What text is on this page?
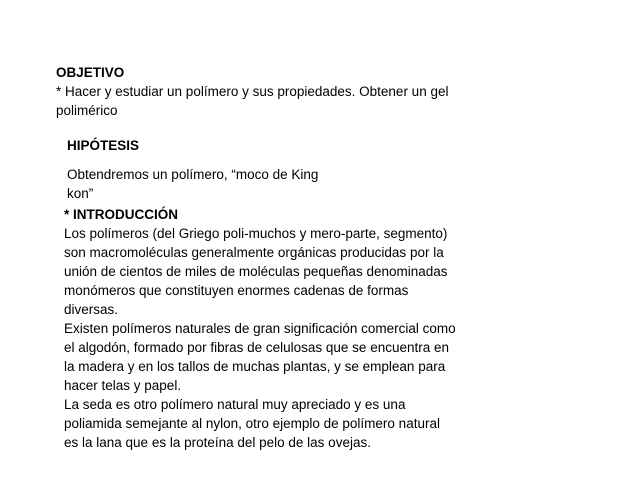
OBJETIVO
* Hacer y estudiar un polímero y sus propiedades. Obtener un gel
polimérico
HIPÓTESIS
Obtendremos un polímero, “moco de King
kon”
* INTRODUCCIÓN
Los polímeros (del Griego poli-muchos y mero-parte, segmento)
son macromoléculas generalmente orgánicas producidas por la
unión de cientos de miles de moléculas pequeñas denominadas
monómeros que constituyen enormes cadenas de formas
diversas.
Existen polímeros naturales de gran significación comercial como
el algodón, formado por fibras de celulosas que se encuentra en
la madera y en los tallos de muchas plantas, y se emplean para
hacer telas y papel.
La seda es otro polímero natural muy apreciado y es una
poliamida semejante al nylon, otro ejemplo de polímero natural
es la lana que es la proteína del pelo de las ovejas.
